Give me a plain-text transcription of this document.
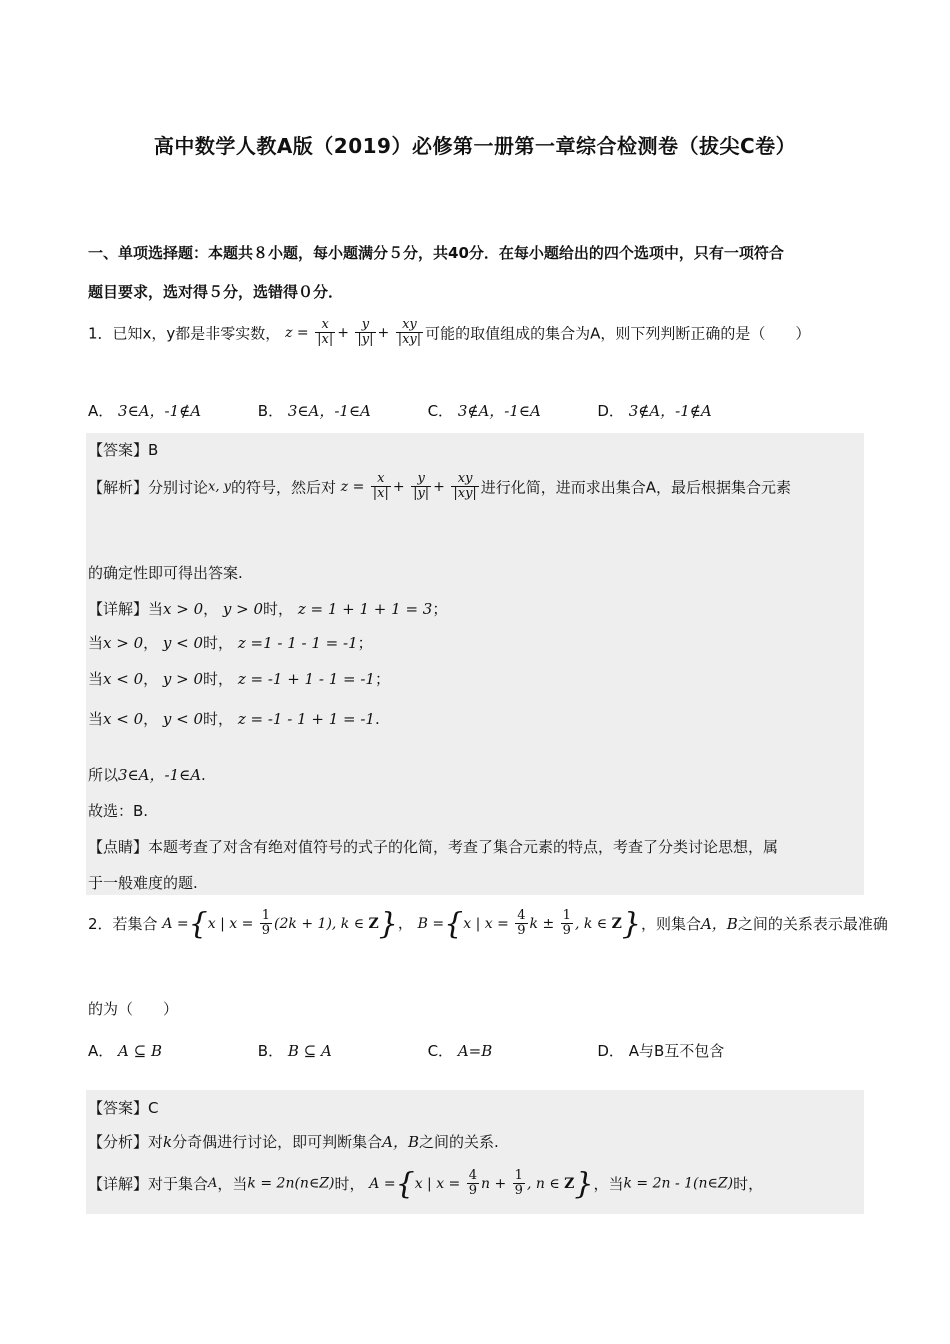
高中数学人教A版（2019）必修第一册第一章综合检测卷（拔尖C卷）
一、单项选择题：本题共８小题，每小题满分５分，共40分．在每小题给出的四个选项中，只有一项符合
题目要求，选对得５分，选错得０分．
1．已知x，y都是非零实数， $z = \frac{x}{|x|} + \frac{y}{|y|} + \frac{xy}{|xy|}$ 可能的取值组成的集合为A，则下列判断正确的是（　　）
A． 3∈A，-1∉A	B． 3∈A，-1∈A	C． 3∉A，-1∈A	D． 3∉A，-1∉A
【答案】B
【解析】分别讨论x, y的符号，然后对 $z = \frac{x}{|x|} + \frac{y}{|y|} + \frac{xy}{|xy|}$ 进行化简，进而求出集合A，最后根据集合元素
的确定性即可得出答案.
【详解】当x > 0， y > 0时， z = 1 + 1 + 1 = 3；
当x > 0， y < 0时， z =1 - 1 - 1 = -1；
当x < 0， y > 0时， z = -1 + 1 - 1 = -1；
当x < 0， y < 0时， z = -1 - 1 + 1 = -1.
所以3∈A，-1∈A.
故选：B.
【点睛】本题考查了对含有绝对值符号的式子的化简，考查了集合元素的特点，考查了分类讨论思想，属
于一般难度的题.
2．若集合 A ={x | $x = \frac{1}{9} (2k + 1)$, k ∈ Z}， B ={x | $x = \frac{4}{9}$ $k \pm \frac{1}{9}$ , k ∈ Z}，则集合A，B之间的关系表示最准确
的为（　　）
A． A ⊆ B	B． B ⊆ A	C． A=B	D． A与B互不包含
【答案】C
【分析】对k分奇偶进行讨论，即可判断集合A，B之间的关系.
【详解】对于集合A，当k = 2n(n∈Z)时， A ={x | $x = \frac{4}{9}$ $n + \frac{1}{9}$ , n ∈ Z}，当k = 2n - 1(n∈Z)时，
